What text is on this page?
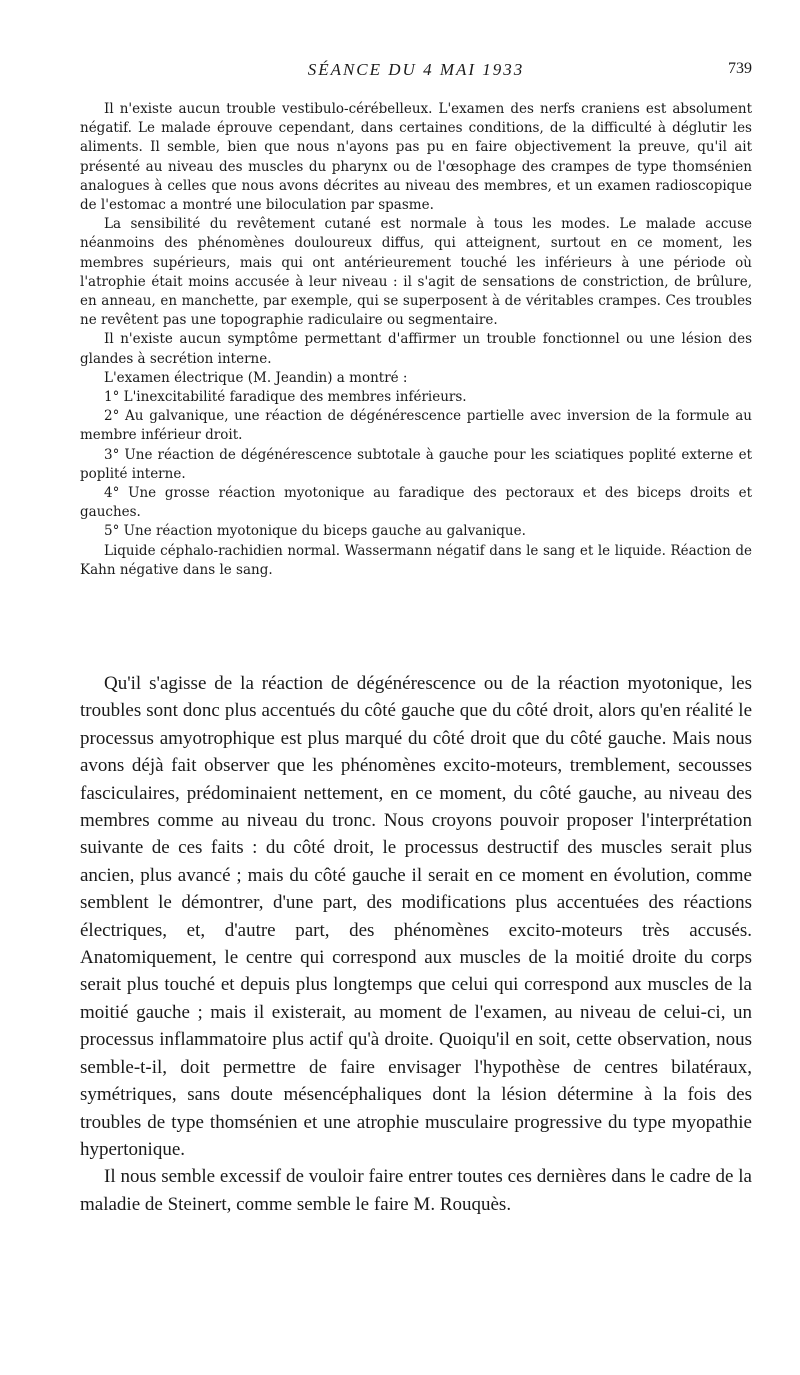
SÉANCE DU 4 MAI 1933	739

Il n'existe aucun trouble vestibulo-cérébelleux. L'examen des nerfs craniens est absolument négatif. Le malade éprouve cependant, dans certaines conditions, de la difficulté à déglutir les aliments. Il semble, bien que nous n'ayons pas pu en faire objectivement la preuve, qu'il ait présenté au niveau des muscles du pharynx ou de l'œsophage des crampes de type thomsénien analogues à celles que nous avons décrites au niveau des membres, et un examen radioscopique de l'estomac a montré une biloculation par spasme.

La sensibilité du revêtement cutané est normale à tous les modes. Le malade accuse néanmoins des phénomènes douloureux diffus, qui atteignent, surtout en ce moment, les membres supérieurs, mais qui ont antérieurement touché les inférieurs à une période où l'atrophie était moins accusée à leur niveau : il s'agit de sensations de constriction, de brûlure, en anneau, en manchette, par exemple, qui se superposent à de véritables crampes. Ces troubles ne revêtent pas une topographie radiculaire ou segmentaire.

Il n'existe aucun symptôme permettant d'affirmer un trouble fonctionnel ou une lésion des glandes à secrétion interne.

L'examen électrique (M. Jeandin) a montré :

1° L'inexcitabilité faradique des membres inférieurs.

2° Au galvanique, une réaction de dégénérescence partielle avec inversion de la formule au membre inférieur droit.

3° Une réaction de dégénérescence subtotale à gauche pour les sciatiques poplité externe et poplité interne.

4° Une grosse réaction myotonique au faradique des pectoraux et des biceps droits et gauches.

5° Une réaction myotonique du biceps gauche au galvanique.

Liquide céphalo-rachidien normal. Wassermann négatif dans le sang et le liquide. Réaction de Kahn négative dans le sang.

Qu'il s'agisse de la réaction de dégénérescence ou de la réaction myotonique, les troubles sont donc plus accentués du côté gauche que du côté droit, alors qu'en réalité le processus amyotrophique est plus marqué du côté droit que du côté gauche. Mais nous avons déjà fait observer que les phénomènes excito-moteurs, tremblement, secousses fasciculaires, prédominaient nettement, en ce moment, du côté gauche, au niveau des membres comme au niveau du tronc. Nous croyons pouvoir proposer l'interprétation suivante de ces faits : du côté droit, le processus destructif des muscles serait plus ancien, plus avancé ; mais du côté gauche il serait en ce moment en évolution, comme semblent le démontrer, d'une part, des modifications plus accentuées des réactions électriques, et, d'autre part, des phénomènes excito-moteurs très accusés. Anatomiquement, le centre qui correspond aux muscles de la moitié droite du corps serait plus touché et depuis plus longtemps que celui qui correspond aux muscles de la moitié gauche ; mais il existerait, au moment de l'examen, au niveau de celui-ci, un processus inflammatoire plus actif qu'à droite. Quoiqu'il en soit, cette observation, nous semble-t-il, doit permettre de faire envisager l'hypothèse de centres bilatéraux, symétriques, sans doute mésencéphaliques dont la lésion détermine à la fois des troubles de type thomsénien et une atrophie musculaire progressive du type myopathie hypertonique.

Il nous semble excessif de vouloir faire entrer toutes ces dernières dans le cadre de la maladie de Steinert, comme semble le faire M. Rouquès.
